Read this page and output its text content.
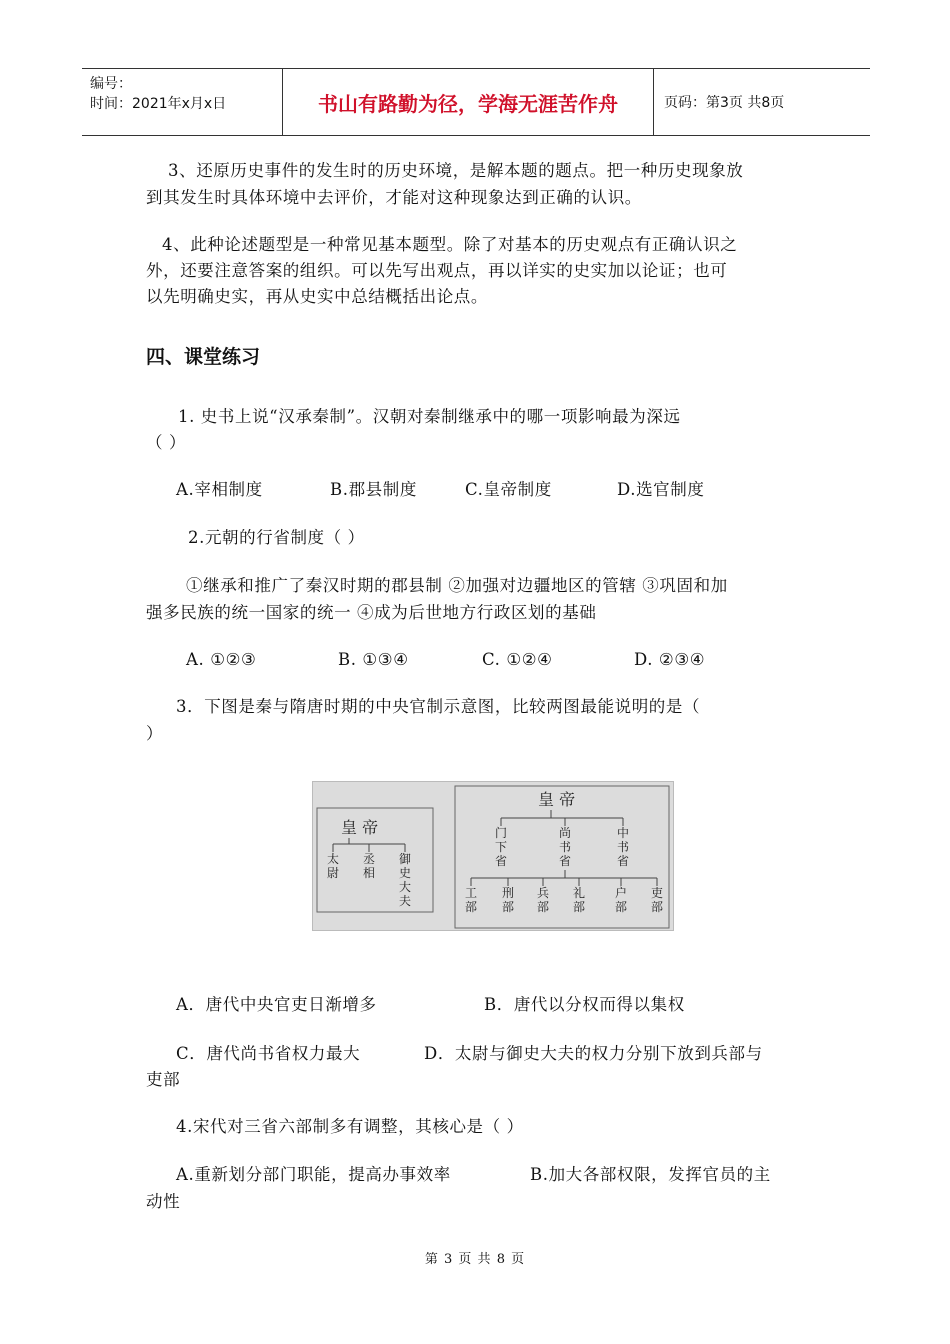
编号：
时间：2021年x月x日	书山有路勤为径，学海无涯苦作舟	页码：第3页 共8页
3、还原历史事件的发生时的历史环境，是解本题的题点。把一种历史现象放
到其发生时具体环境中去评价，才能对这种现象达到正确的认识。
4、此种论述题型是一种常见基本题型。除了对基本的历史观点有正确认识之
外，还要注意答案的组织。可以先写出观点，再以详实的史实加以论证；也可
以先明确史实，再从史实中总结概括出论点。
四、课堂练习
1. 史书上说“汉承秦制”。汉朝对秦制继承中的哪一项影响最为深远
（ ）
A.宰相制度	B.郡县制度	C.皇帝制度	D.选官制度
2.元朝的行省制度（ ）
①继承和推广了秦汉时期的郡县制 ②加强对边疆地区的管辖 ③巩固和加
强多民族的统一国家的统一 ④成为后世地方行政区划的基础
A. ①②③	B. ①③④	C. ①②④	D. ②③④
3．下图是秦与隋唐时期的中央官制示意图，比较两图最能说明的是（
）
皇 帝
太尉
丞相
御史大夫
皇 帝
门下省
尚书省
中书省
工部
刑部
兵部
礼部
户部
吏部
A．唐代中央官吏日渐增多	B．唐代以分权而得以集权
C．唐代尚书省权力最大	D．太尉与御史大夫的权力分别下放到兵部与
吏部
4.宋代对三省六部制多有调整，其核心是（ ）
A.重新划分部门职能，提高办事效率	B.加大各部权限，发挥官员的主
动性
第 3 页 共 8 页
